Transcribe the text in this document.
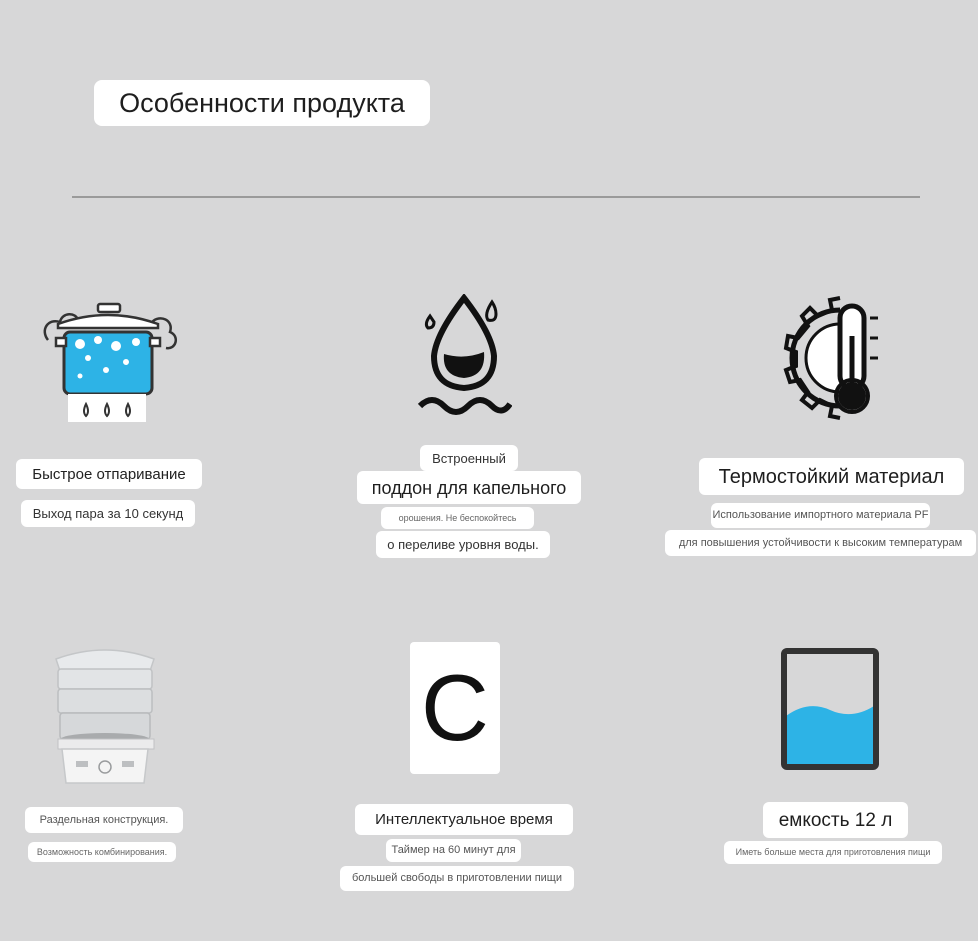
Особенности продукта
Быстрое отпаривание
Выход пара за 10 секунд
Встроенный
поддон для капельного
орошения. Не беспокойтесь
о переливе уровня воды.
Термостойкий материал
Использование импортного материала PF
для повышения устойчивости к высоким температурам
Раздельная конструкция.
Возможность комбинирования.
C
Интеллектуальное время
Таймер на 60 минут для
большей свободы в приготовлении пищи
емкость 12 л
Иметь больше места для приготовления пищи
